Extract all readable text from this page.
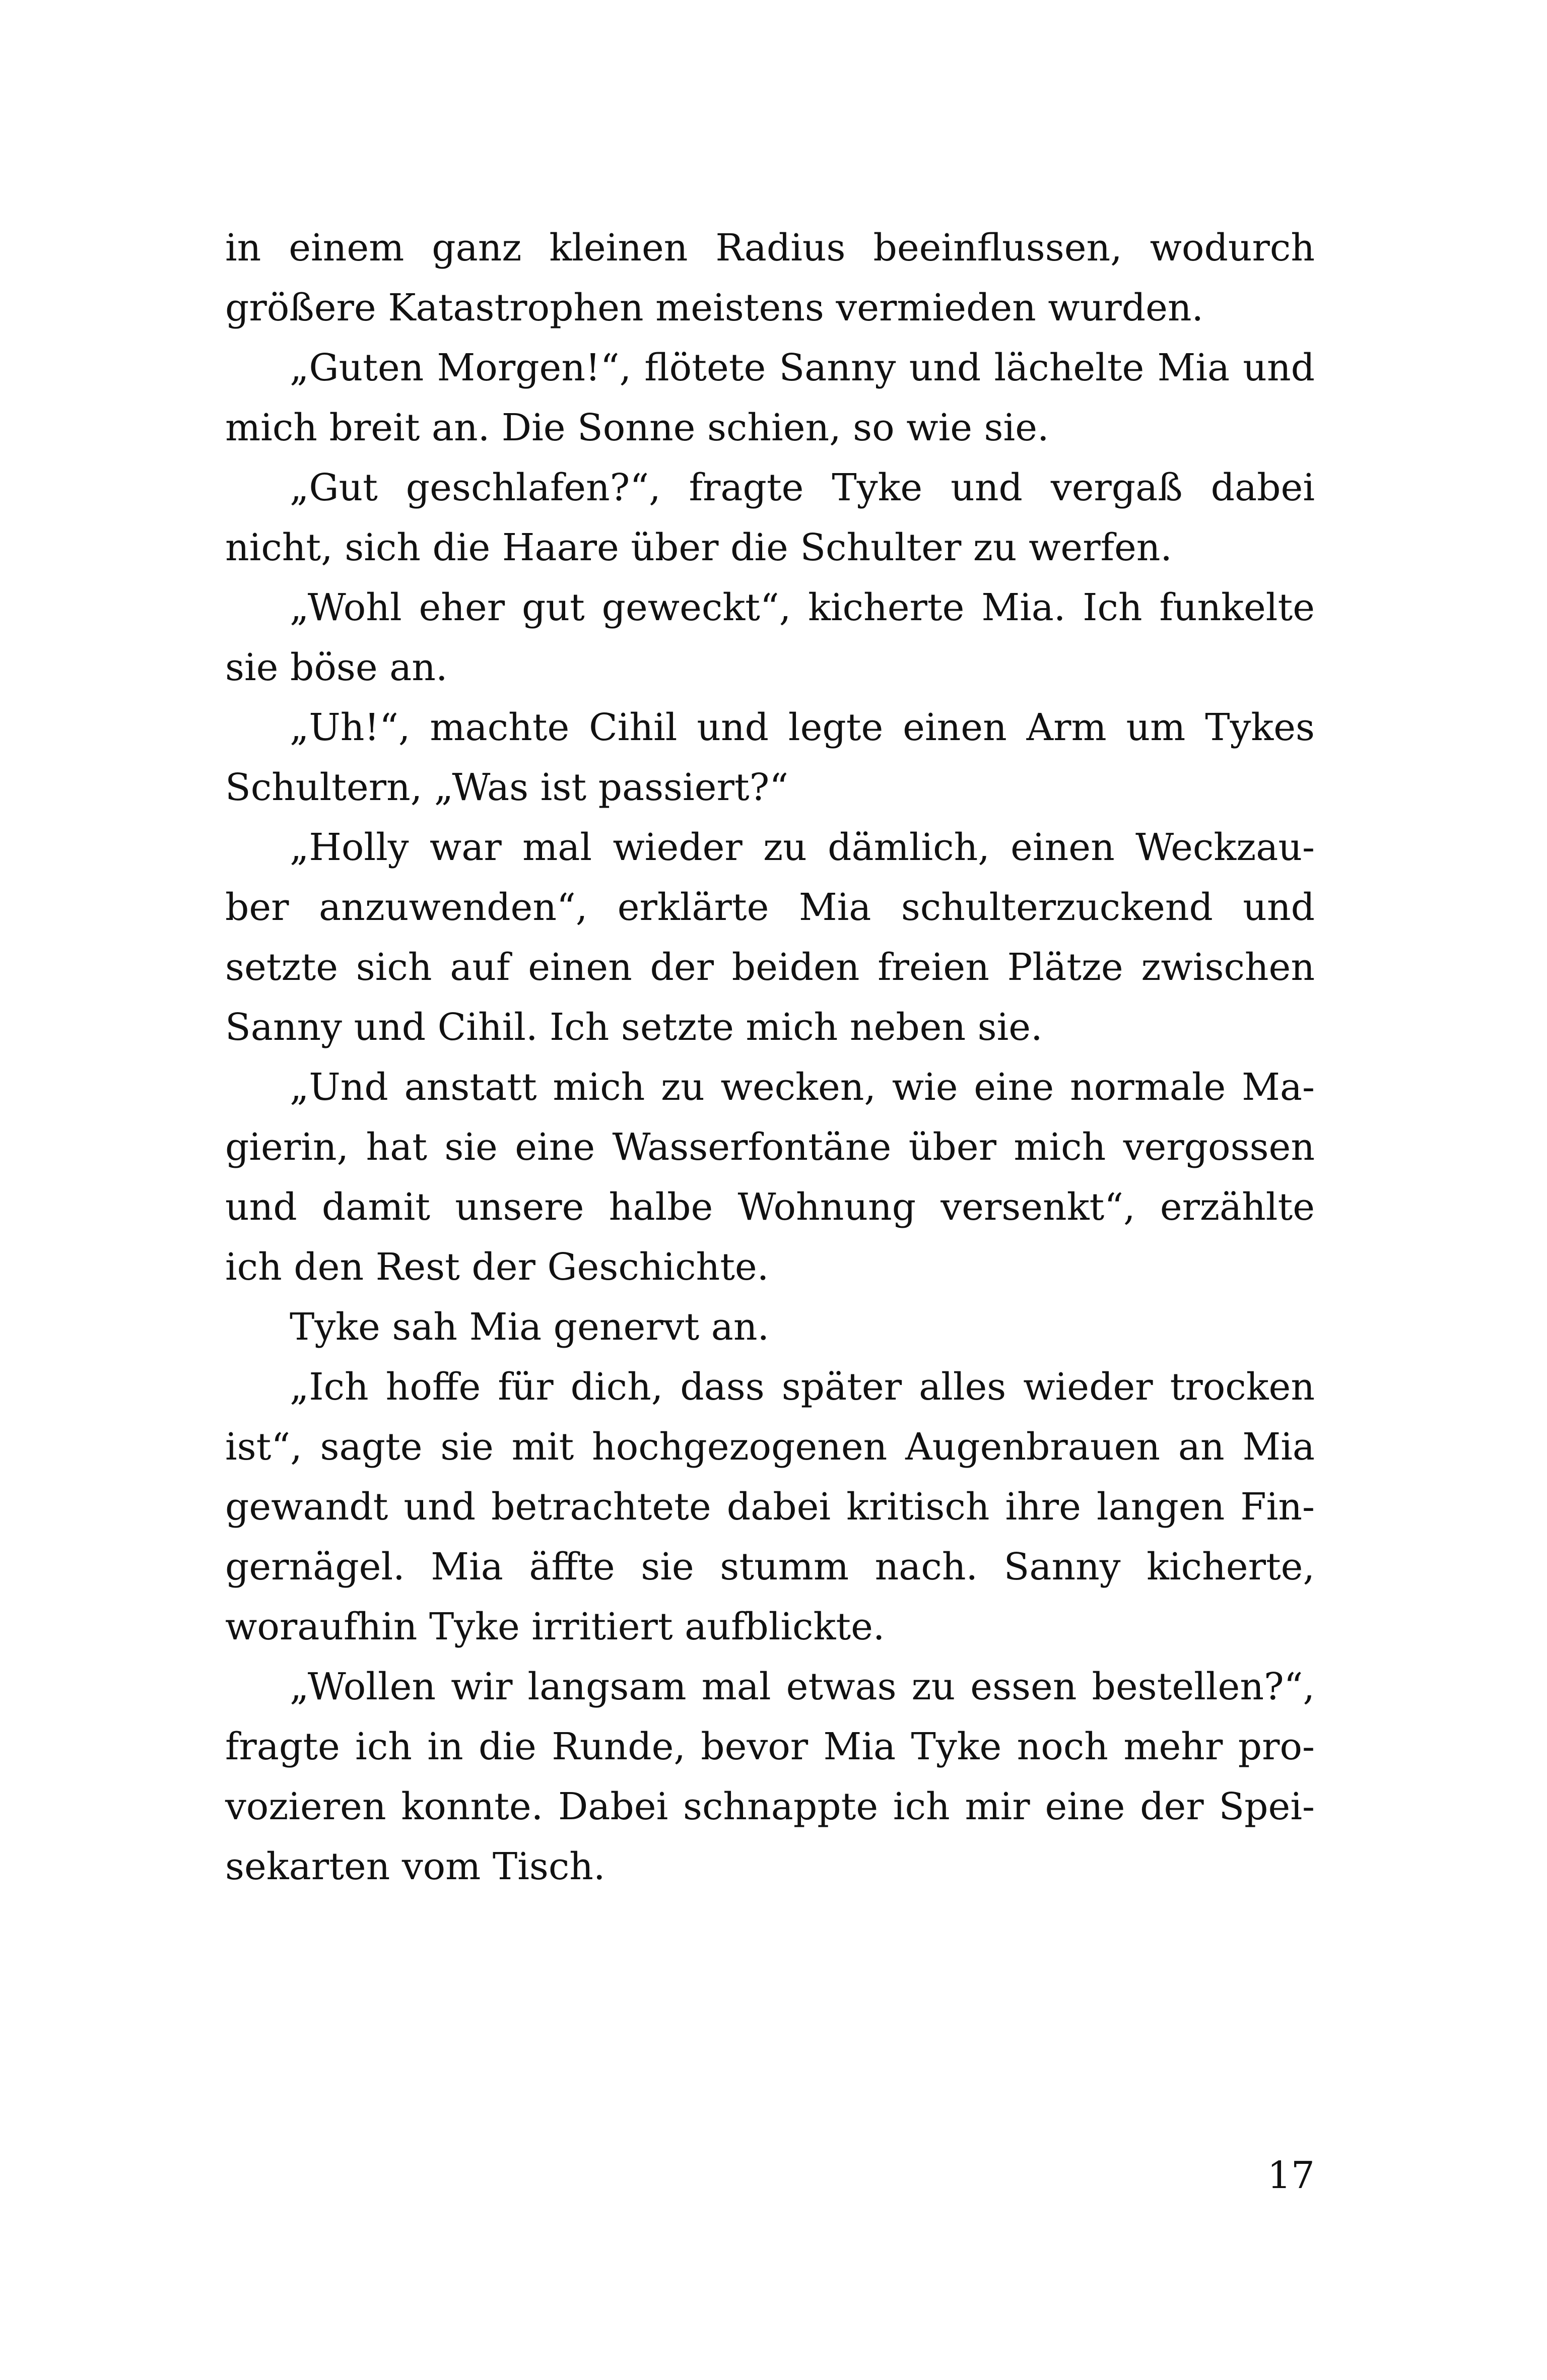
in einem ganz kleinen Radius beeinflussen, wodurch
größere Katastrophen meistens vermieden wurden.
„Guten Morgen!“, flötete Sanny und lächelte Mia und
mich breit an. Die Sonne schien, so wie sie.
„Gut geschlafen?“, fragte Tyke und vergaß dabei
nicht, sich die Haare über die Schulter zu werfen.
„Wohl eher gut geweckt“, kicherte Mia. Ich funkelte
sie böse an.
„Uh!“, machte Cihil und legte einen Arm um Tykes
Schultern, „Was ist passiert?“
„Holly war mal wieder zu dämlich, einen Weckzau-
ber anzuwenden“, erklärte Mia schulterzuckend und
setzte sich auf einen der beiden freien Plätze zwischen
Sanny und Cihil. Ich setzte mich neben sie.
„Und anstatt mich zu wecken, wie eine normale Ma-
gierin, hat sie eine Wasserfontäne über mich vergossen
und damit unsere halbe Wohnung versenkt“, erzählte
ich den Rest der Geschichte.
Tyke sah Mia genervt an.
„Ich hoffe für dich, dass später alles wieder trocken
ist“, sagte sie mit hochgezogenen Augenbrauen an Mia
gewandt und betrachtete dabei kritisch ihre langen Fin-
gernägel. Mia äffte sie stumm nach. Sanny kicherte,
woraufhin Tyke irritiert aufblickte.
„Wollen wir langsam mal etwas zu essen bestellen?“,
fragte ich in die Runde, bevor Mia Tyke noch mehr pro-
vozieren konnte. Dabei schnappte ich mir eine der Spei-
sekarten vom Tisch.
17
